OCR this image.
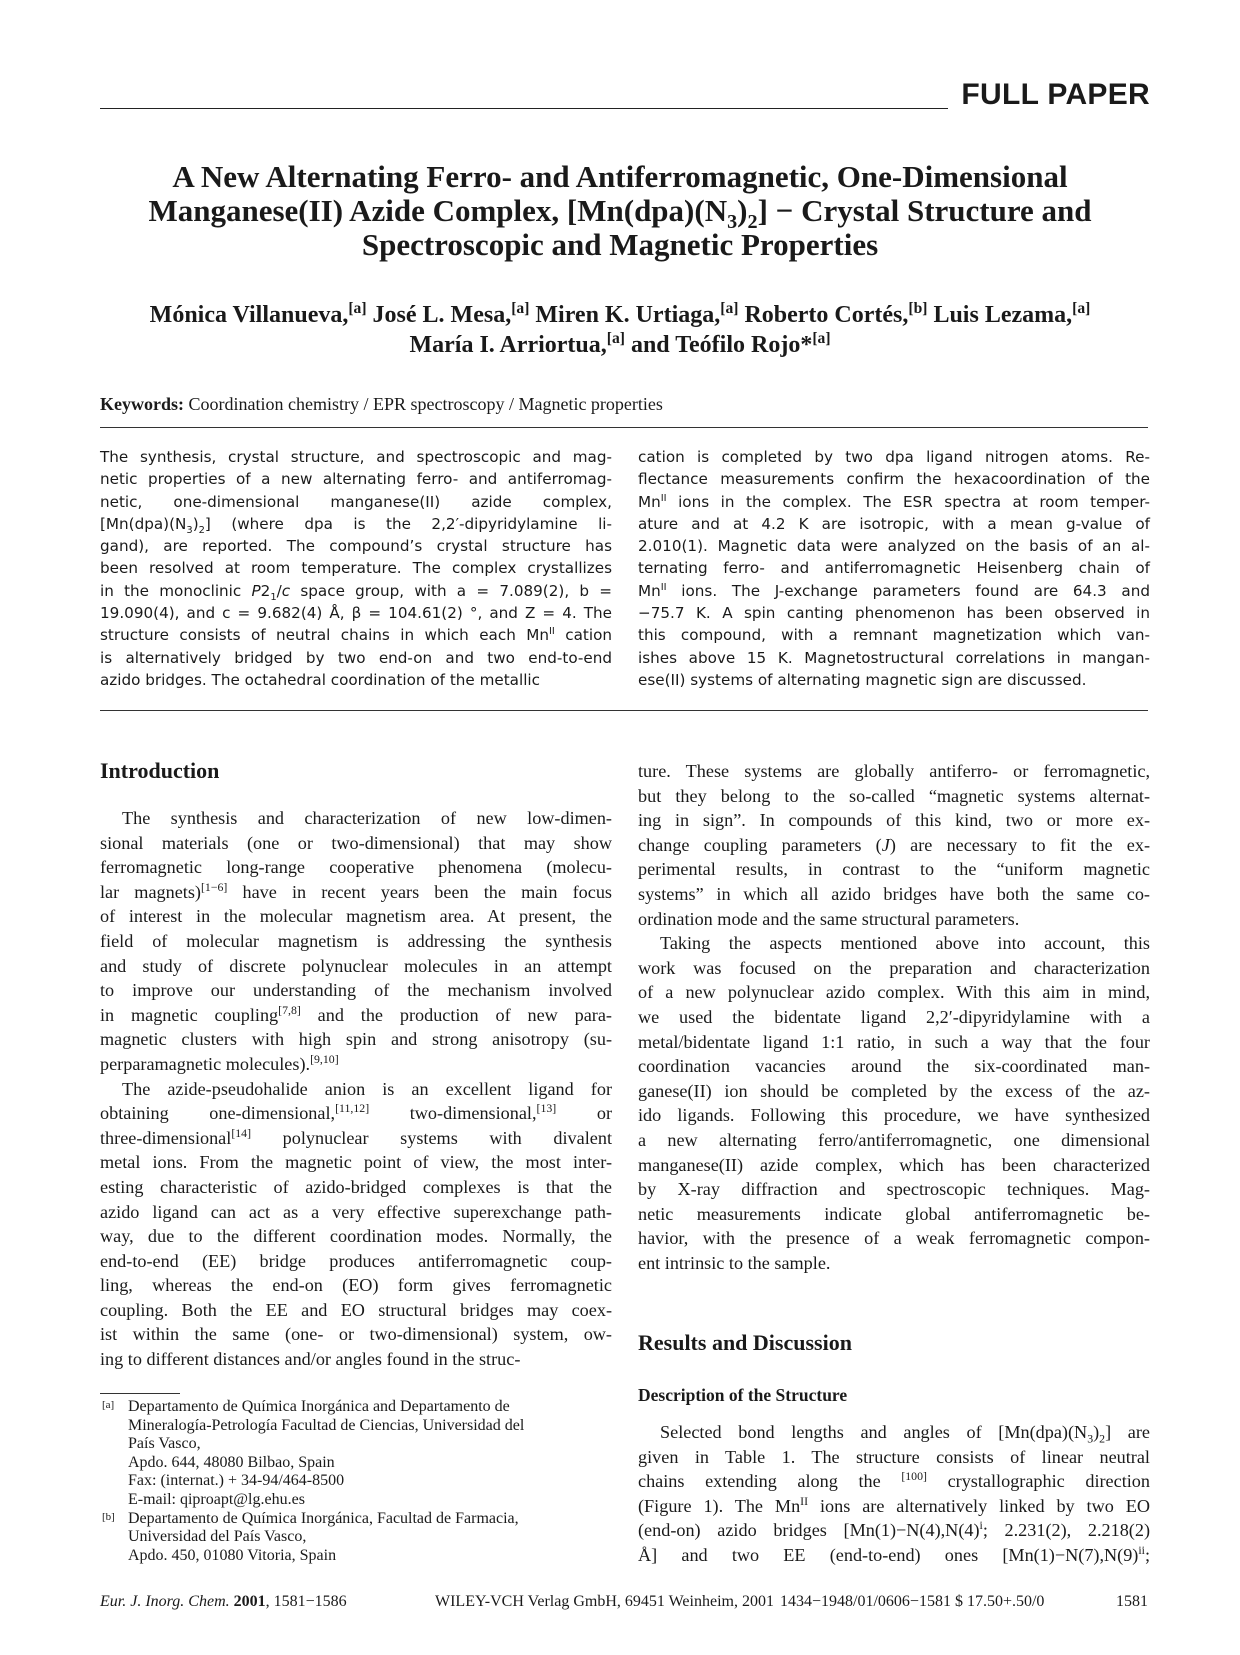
FULL PAPER
A New Alternating Ferro- and Antiferromagnetic, One-Dimensional
Manganese(II) Azide Complex, $[Mn(dpa)(N_3)_2]$ − Crystal Structure and
Spectroscopic and Magnetic Properties
Mónica Villanueva,[a] José L. Mesa,[a] Miren K. Urtiaga,[a] Roberto Cortés,[b] Luis Lezama,[a]
María I. Arriortua,[a] and Teófilo Rojo*[a]
Keywords: Coordination chemistry / EPR spectroscopy / Magnetic properties
The synthesis, crystal structure, and spectroscopic and mag-
netic properties of a new alternating ferro- and antiferromag-
netic, one-dimensional manganese(II) azide complex,
$[Mn(dpa)(N_3)_2]$ (where dpa is the 2,2′-dipyridylamine li-
gand), are reported. The compound’s crystal structure has
been resolved at room temperature. The complex crystallizes
in the monoclinic $P2_1/c$ space group, with a = 7.089(2), b =
19.090(4), and c = 9.682(4) Å, β = 104.61(2) °, and Z = 4. The
structure consists of neutral chains in which each $Mn^{II}$ cation
is alternatively bridged by two end-on and two end-to-end
azido bridges. The octahedral coordination of the metallic
cation is completed by two dpa ligand nitrogen atoms. Re-
flectance measurements confirm the hexacoordination of the
$Mn^{II}$ ions in the complex. The ESR spectra at room temper-
ature and at 4.2 K are isotropic, with a mean g-value of
2.010(1). Magnetic data were analyzed on the basis of an al-
ternating ferro- and antiferromagnetic Heisenberg chain of
$Mn^{II}$ ions. The J-exchange parameters found are 64.3 and
−75.7 K. A spin canting phenomenon has been observed in
this compound, with a remnant magnetization which van-
ishes above 15 K. Magnetostructural correlations in mangan-
ese(II) systems of alternating magnetic sign are discussed.
Introduction
The synthesis and characterization of new low-dimen-
sional materials (one or two-dimensional) that may show
ferromagnetic long-range cooperative phenomena (molecu-
lar magnets)[1−6] have in recent years been the main focus
of interest in the molecular magnetism area. At present, the
field of molecular magnetism is addressing the synthesis
and study of discrete polynuclear molecules in an attempt
to improve our understanding of the mechanism involved
in magnetic coupling[7,8] and the production of new para-
magnetic clusters with high spin and strong anisotropy (su-
perparamagnetic molecules).[9,10]
The azide-pseudohalide anion is an excellent ligand for
obtaining one-dimensional,[11,12] two-dimensional,[13] or
three-dimensional[14] polynuclear systems with divalent
metal ions. From the magnetic point of view, the most inter-
esting characteristic of azido-bridged complexes is that the
azido ligand can act as a very effective superexchange path-
way, due to the different coordination modes. Normally, the
end-to-end (EE) bridge produces antiferromagnetic coup-
ling, whereas the end-on (EO) form gives ferromagnetic
coupling. Both the EE and EO structural bridges may coex-
ist within the same (one- or two-dimensional) system, ow-
ing to different distances and/or angles found in the struc-
ture. These systems are globally antiferro- or ferromagnetic,
but they belong to the so-called “magnetic systems alternat-
ing in sign”. In compounds of this kind, two or more ex-
change coupling parameters (J) are necessary to fit the ex-
perimental results, in contrast to the “uniform magnetic
systems” in which all azido bridges have both the same co-
ordination mode and the same structural parameters.
Taking the aspects mentioned above into account, this
work was focused on the preparation and characterization
of a new polynuclear azido complex. With this aim in mind,
we used the bidentate ligand 2,2′-dipyridylamine with a
metal/bidentate ligand 1:1 ratio, in such a way that the four
coordination vacancies around the six-coordinated man-
ganese(II) ion should be completed by the excess of the az-
ido ligands. Following this procedure, we have synthesized
a new alternating ferro/antiferromagnetic, one dimensional
manganese(II) azide complex, which has been characterized
by X-ray diffraction and spectroscopic techniques. Mag-
netic measurements indicate global antiferromagnetic be-
havior, with the presence of a weak ferromagnetic compon-
ent intrinsic to the sample.
Results and Discussion
Description of the Structure
Selected bond lengths and angles of $[Mn(dpa)(N_3)_2]$ are
given in Table 1. The structure consists of linear neutral
chains extending along the [100] crystallographic direction
(Figure 1). The $Mn^{II}$ ions are alternatively linked by two EO
(end-on) azido bridges [$Mn(1)-N(4),N(4)^i$; 2.231(2), 2.218(2)
Å] and two EE (end-to-end) ones [$Mn(1)-N(7),N(9)^{ii}$;
[a] Departamento de Química Inorgánica and Departamento de
Mineralogía-Petrología Facultad de Ciencias, Universidad del
País Vasco,
Apdo. 644, 48080 Bilbao, Spain
Fax: (internat.) + 34-94/464-8500
E-mail: qiproapt@lg.ehu.es
[b] Departamento de Química Inorgánica, Facultad de Farmacia,
Universidad del País Vasco,
Apdo. 450, 01080 Vitoria, Spain
Eur. J. Inorg. Chem. 2001, 1581−1586	WILEY-VCH Verlag GmbH, 69451 Weinheim, 2001 1434−1948/01/0606−1581 $ 17.50+.50/0	1581
